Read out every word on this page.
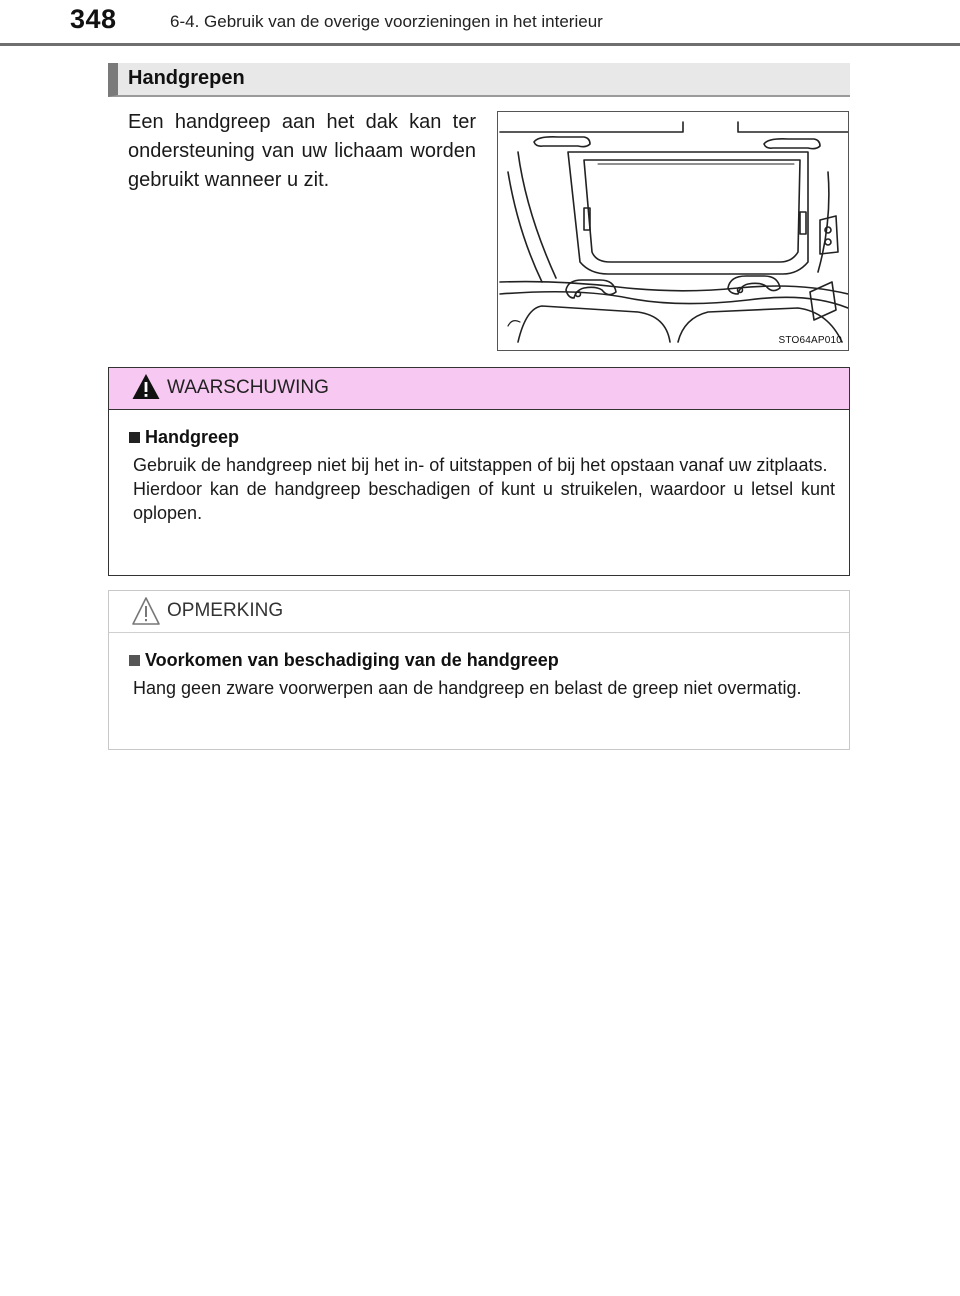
348	6-4. Gebruik van de overige voorzieningen in het interieur
Handgrepen
Een handgreep aan het dak kan ter ondersteuning van uw lichaam worden gebruikt wanneer u zit.
STO64AP010
WAARSCHUWING
Handgreep

Gebruik de handgreep niet bij het in- of uitstappen of bij het opstaan vanaf uw zitplaats.

Hierdoor kan de handgreep beschadigen of kunt u struikelen, waardoor u letsel kunt oplopen.

OPMERKING
Voorkomen van beschadiging van de handgreep

Hang geen zware voorwerpen aan de handgreep en belast de greep niet overmatig.
